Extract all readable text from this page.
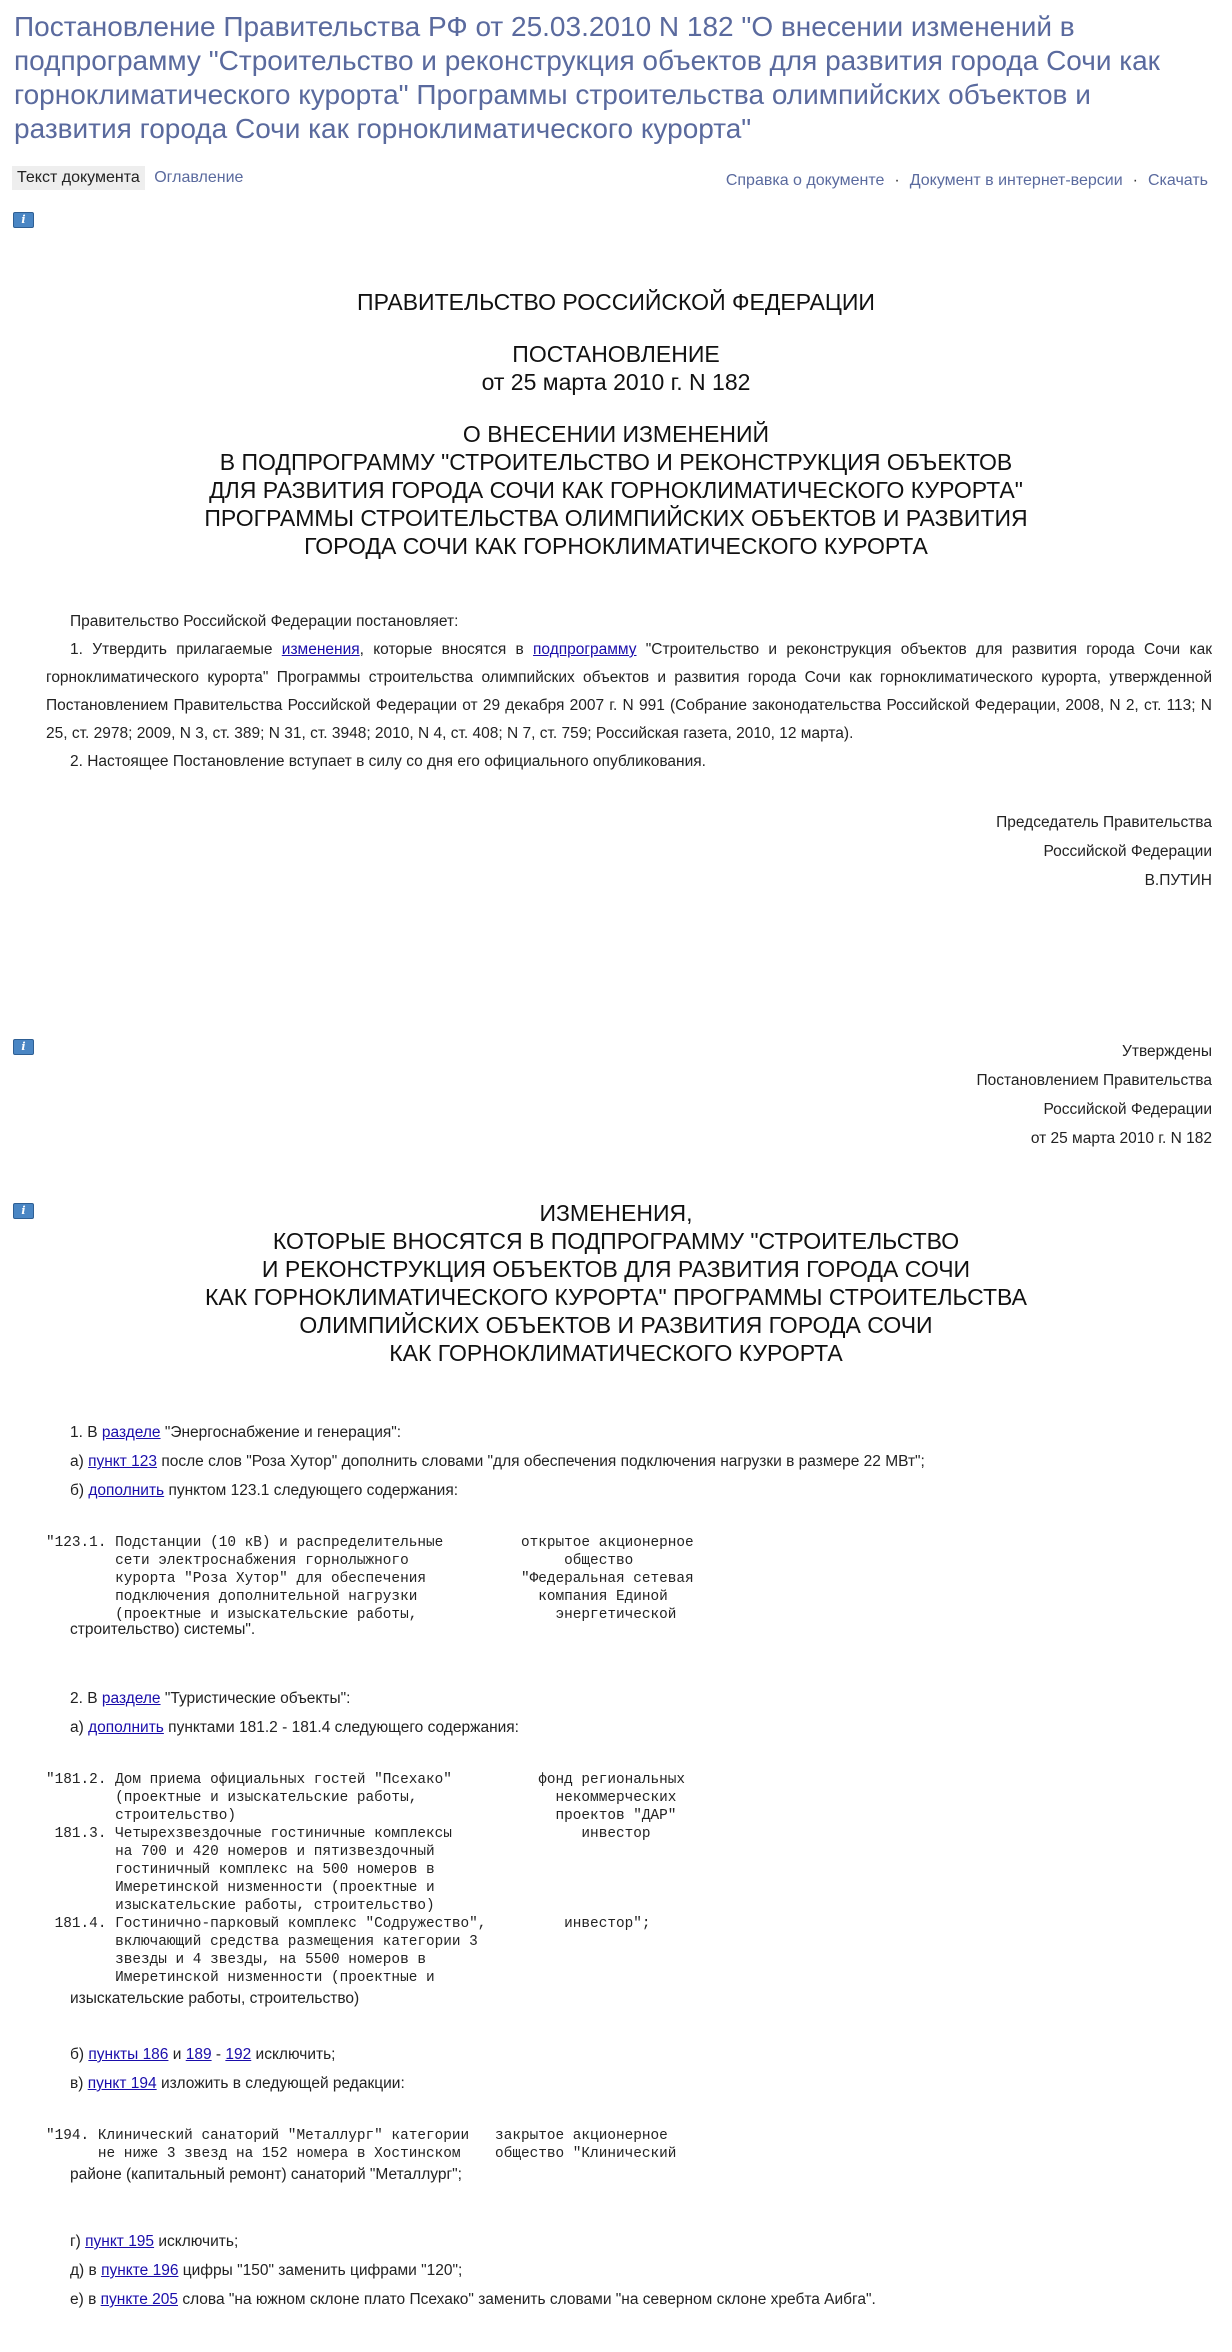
Постановление Правительства РФ от 25.03.2010 N 182 "О внесении изменений в подпрограмму "Строительство и реконструкция объектов для развития города Сочи как горноклиматического курорта" Программы строительства олимпийских объектов и развития города Сочи как горноклиматического курорта"
Текст документа Оглавление	Справка о документе · Документ в интернет-версии · Скачать
i
ПРАВИТЕЛЬСТВО РОССИЙСКОЙ ФЕДЕРАЦИИ
ПОСТАНОВЛЕНИЕ
от 25 марта 2010 г. N 182
О ВНЕСЕНИИ ИЗМЕНЕНИЙ
В ПОДПРОГРАММУ "СТРОИТЕЛЬСТВО И РЕКОНСТРУКЦИЯ ОБЪЕКТОВ
ДЛЯ РАЗВИТИЯ ГОРОДА СОЧИ КАК ГОРНОКЛИМАТИЧЕСКОГО КУРОРТА"
ПРОГРАММЫ СТРОИТЕЛЬСТВА ОЛИМПИЙСКИХ ОБЪЕКТОВ И РАЗВИТИЯ
ГОРОДА СОЧИ КАК ГОРНОКЛИМАТИЧЕСКОГО КУРОРТА
Правительство Российской Федерации постановляет:
1. Утвердить прилагаемые изменения, которые вносятся в подпрограмму "Строительство и реконструкция объектов для развития города Сочи как горноклиматического курорта" Программы строительства олимпийских объектов и развития города Сочи как горноклиматического курорта, утвержденной Постановлением Правительства Российской Федерации от 29 декабря 2007 г. N 991 (Собрание законодательства Российской Федерации, 2008, N 2, ст. 113; N 25, ст. 2978; 2009, N 3, ст. 389; N 31, ст. 3948; 2010, N 4, ст. 408; N 7, ст. 759; Российская газета, 2010, 12 марта).
2. Настоящее Постановление вступает в силу со дня его официального опубликования.
Председатель Правительства
Российской Федерации
В.ПУТИН
i	Утверждены
Постановлением Правительства
Российской Федерации
от 25 марта 2010 г. N 182
i	ИЗМЕНЕНИЯ,
КОТОРЫЕ ВНОСЯТСЯ В ПОДПРОГРАММУ "СТРОИТЕЛЬСТВО
И РЕКОНСТРУКЦИЯ ОБЪЕКТОВ ДЛЯ РАЗВИТИЯ ГОРОДА СОЧИ
КАК ГОРНОКЛИМАТИЧЕСКОГО КУРОРТА" ПРОГРАММЫ СТРОИТЕЛЬСТВА
ОЛИМПИЙСКИХ ОБЪЕКТОВ И РАЗВИТИЯ ГОРОДА СОЧИ
КАК ГОРНОКЛИМАТИЧЕСКОГО КУРОРТА
1. В разделе "Энергоснабжение и генерация":
а) пункт 123 после слов "Роза Хутор" дополнить словами "для обеспечения подключения нагрузки в размере 22 МВт";
б) дополнить пунктом 123.1 следующего содержания:
"123.1. Подстанции (10 кВ) и распределительные         открытое акционерное
сети электроснабжения горнолыжного                  общество
курорта "Роза Хутор" для обеспечения           "Федеральная сетевая
подключения дополнительной нагрузки              компания Единой
(проектные и изыскательские работы,                энергетической
строительство) системы".
2. В разделе "Туристические объекты":
а) дополнить пунктами 181.2 - 181.4 следующего содержания:
"181.2. Дом приема официальных гостей "Псехако"          фонд региональных
(проектные и изыскательские работы,                некоммерческих
строительство)                                     проектов "ДАР"
181.3. Четырехзвездочные гостиничные комплексы               инвестор
на 700 и 420 номеров и пятизвездочный
гостиничный комплекс на 500 номеров в
Имеретинской низменности (проектные и
изыскательские работы, строительство)
181.4. Гостинично-парковый комплекс "Содружество",         инвестор";
включающий средства размещения категории 3
звезды и 4 звезды, на 5500 номеров в
Имеретинской низменности (проектные и
изыскательские работы, строительство)
б) пункты 186 и 189 - 192 исключить;
в) пункт 194 изложить в следующей редакции:
"194. Клинический санаторий "Металлург" категории   закрытое акционерное
не ниже 3 звезд на 152 номера в Хостинском    общество "Клинический
районе (капитальный ремонт) санаторий "Металлург";
г) пункт 195 исключить;
д) в пункте 196 цифры "150" заменить цифрами "120";
е) в пункте 205 слова "на южном склоне плато Псехако" заменить словами "на северном склоне хребта Аибга".
